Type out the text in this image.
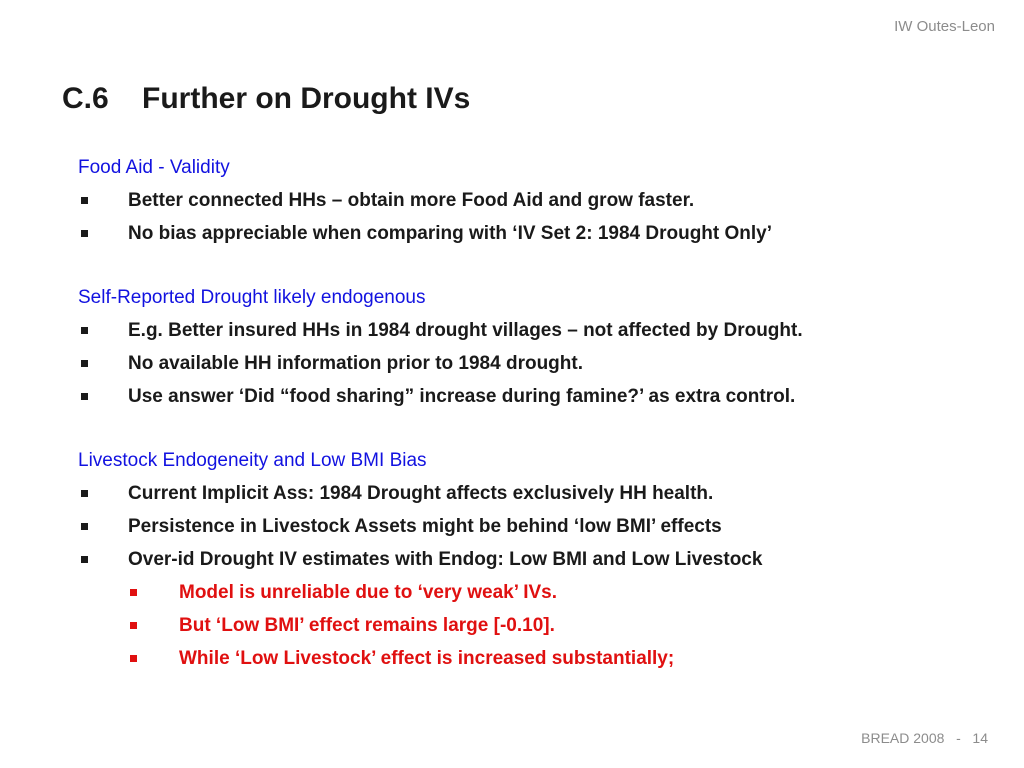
IW Outes-Leon
C.6 Further on Drought IVs
Food Aid - Validity
Better connected HHs – obtain more Food Aid and grow faster.
No bias appreciable when comparing with ‘IV Set 2: 1984 Drought Only’
Self-Reported Drought likely endogenous
E.g. Better insured HHs in 1984 drought villages – not affected by Drought.
No available HH information prior to 1984 drought.
Use answer ‘Did “food sharing” increase during famine?’ as extra control.
Livestock Endogeneity and Low BMI Bias
Current Implicit Ass: 1984 Drought affects exclusively HH health.
Persistence in Livestock Assets might be behind ‘low BMI’ effects
Over-id Drought IV estimates with Endog: Low BMI and Low Livestock
Model is unreliable due to ‘very weak’ IVs.
But ‘Low BMI’ effect remains large [-0.10].
While ‘Low Livestock’ effect is increased substantially;
BREAD 2008 - 14
